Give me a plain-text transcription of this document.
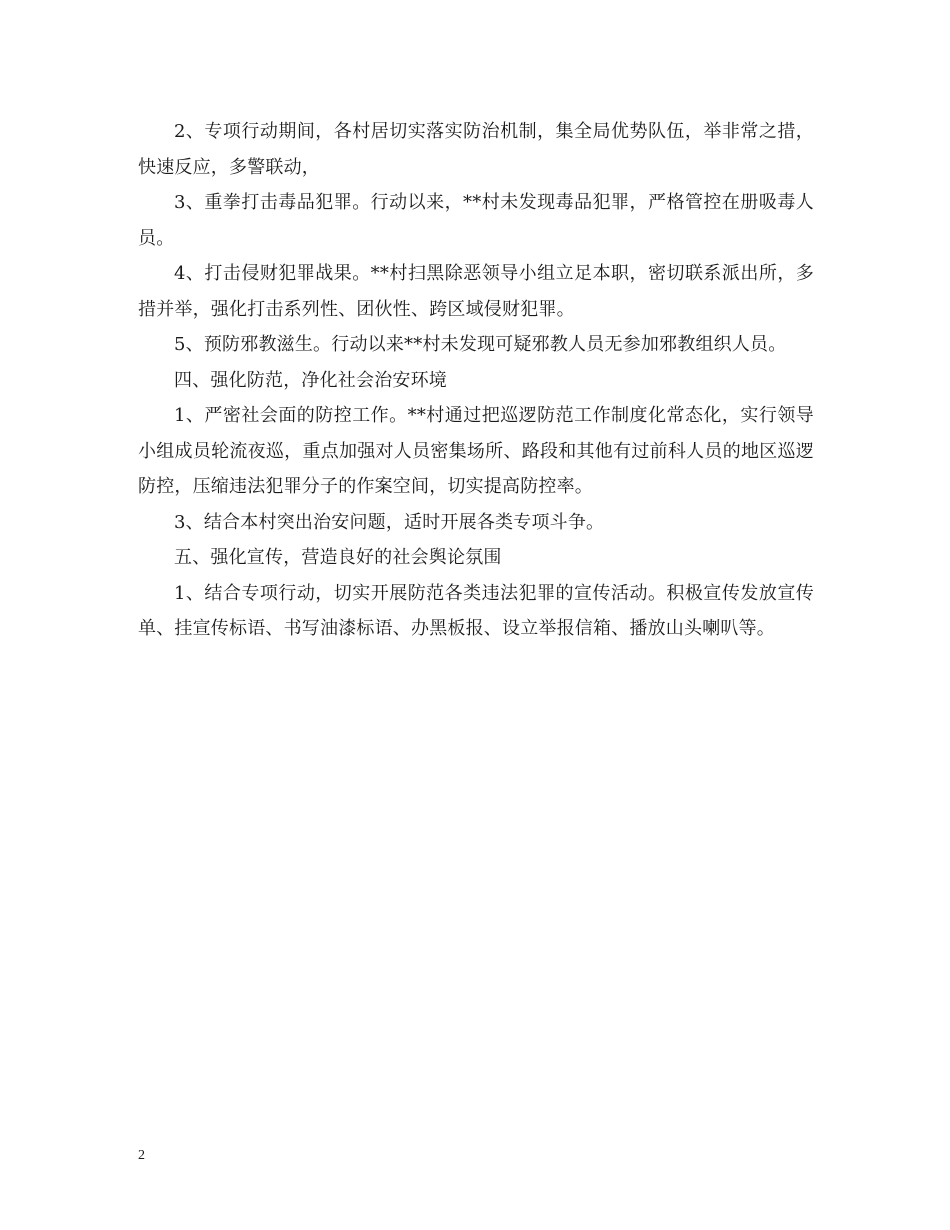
2、专项行动期间，各村居切实落实防治机制，集全局优势队伍，举非常之措，快速反应，多警联动，

3、重拳打击毒品犯罪。行动以来，**村未发现毒品犯罪，严格管控在册吸毒人员。

4、打击侵财犯罪战果。**村扫黑除恶领导小组立足本职，密切联系派出所，多措并举，强化打击系列性、团伙性、跨区域侵财犯罪。

5、预防邪教滋生。行动以来**村未发现可疑邪教人员无参加邪教组织人员。

四、强化防范，净化社会治安环境

1、严密社会面的防控工作。**村通过把巡逻防范工作制度化常态化，实行领导小组成员轮流夜巡，重点加强对人员密集场所、路段和其他有过前科人员的地区巡逻防控，压缩违法犯罪分子的作案空间，切实提高防控率。

3、结合本村突出治安问题，适时开展各类专项斗争。

五、强化宣传，营造良好的社会舆论氛围

1、结合专项行动，切实开展防范各类违法犯罪的宣传活动。积极宣传发放宣传单、挂宣传标语、书写油漆标语、办黑板报、设立举报信箱、播放山头喇叭等。

2
